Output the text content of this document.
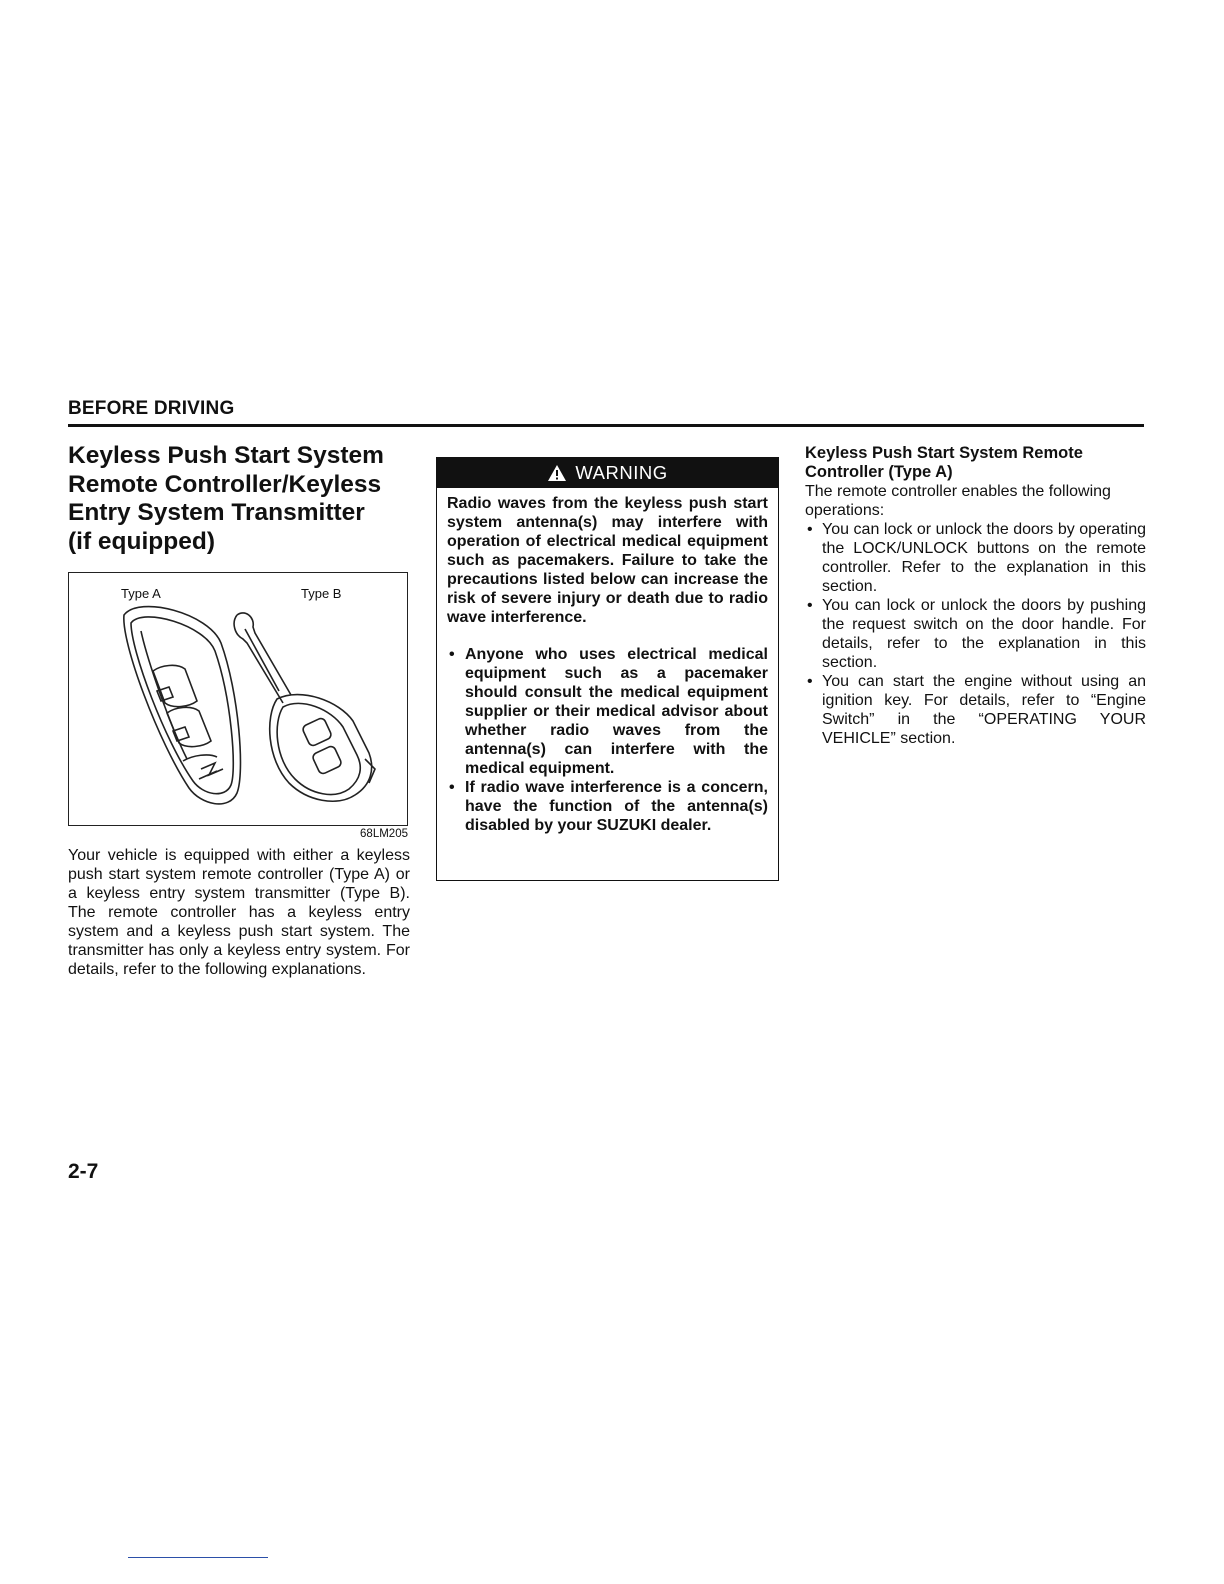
BEFORE DRIVING
Keyless Push Start System
Remote Controller/Keyless
Entry System Transmitter
(if equipped)
Type A	Type B
68LM205

Your vehicle is equipped with either a keyless push start system remote controller (Type A) or a keyless entry system transmitter (Type B). The remote controller has a keyless entry system and a keyless push start system. The transmitter has only a keyless entry system. For details, refer to the following explanations.

WARNING

Radio waves from the keyless push start system antenna(s) may interfere with operation of electrical medical equipment such as pacemakers. Failure to take the precautions listed below can increase the risk of severe injury or death due to radio wave interference.

• Anyone who uses electrical medical equipment such as a pacemaker should consult the medical equipment supplier or their medical advisor about whether radio waves from the antenna(s) can interfere with the medical equipment.
• If radio wave interference is a concern, have the function of the antenna(s) disabled by your SUZUKI dealer.
Keyless Push Start System Remote
Controller (Type A)

The remote controller enables the following operations:

• You can lock or unlock the doors by operating the LOCK/UNLOCK buttons on the remote controller. Refer to the explanation in this section.
• You can lock or unlock the doors by pushing the request switch on the door handle. For details, refer to the explanation in this section.
• You can start the engine without using an ignition key. For details, refer to “Engine Switch” in the “OPERATING YOUR VEHICLE” section.
2-7
